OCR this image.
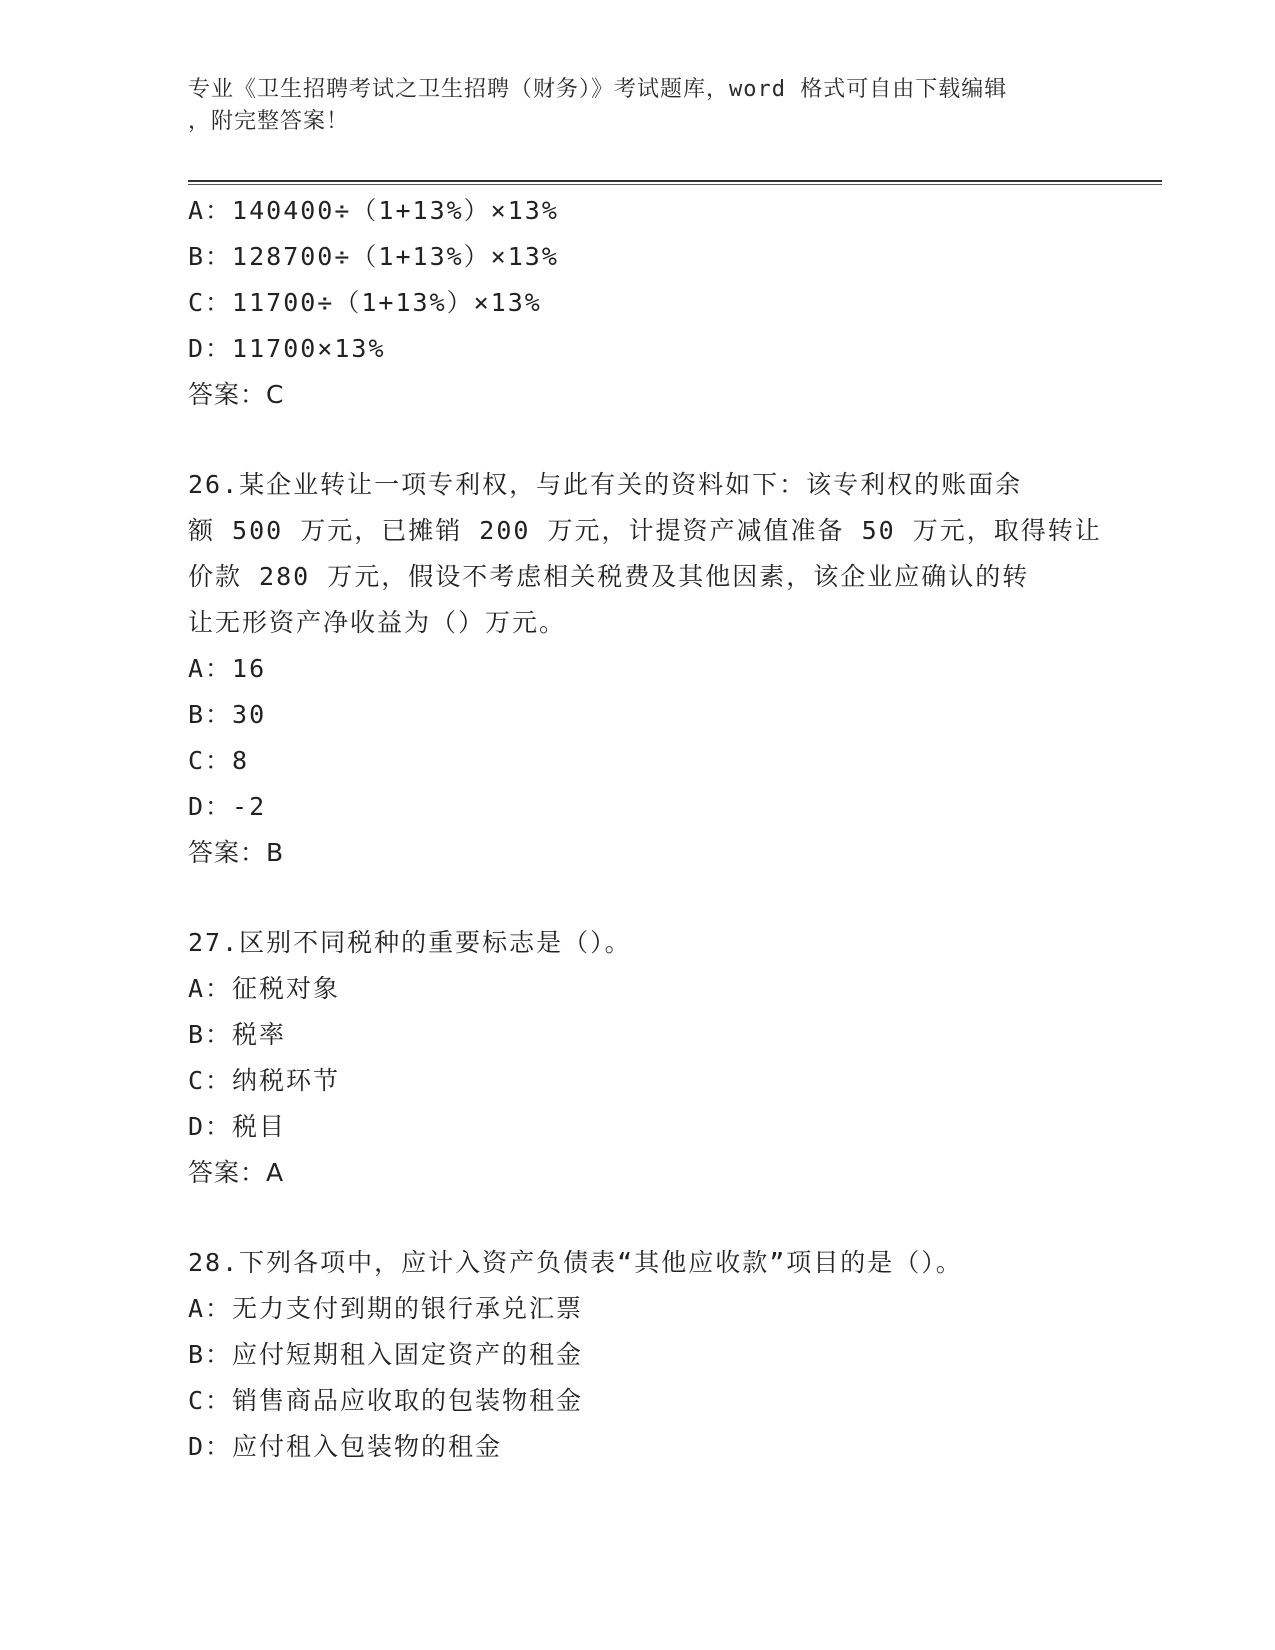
专业《卫生招聘考试之卫生招聘（财务）》考试题库，word 格式可自由下载编辑
，附完整答案！
A：140400÷（1+13%）×13%
B：128700÷（1+13%）×13%
C：11700÷（1+13%）×13%
D：11700×13%
答案：C
26.某企业转让一项专利权，与此有关的资料如下：该专利权的账面余
额 500 万元，已摊销 200 万元，计提资产减值准备 50 万元，取得转让
价款 280 万元，假设不考虑相关税费及其他因素，该企业应确认的转
让无形资产净收益为（）万元。
A：16
B：30
C：8
D：-2
答案：B
27.区别不同税种的重要标志是（）。
A：征税对象
B：税率
C：纳税环节
D：税目
答案：A
28.下列各项中，应计入资产负债表“其他应收款”项目的是（）。
A：无力支付到期的银行承兑汇票
B：应付短期租入固定资产的租金
C：销售商品应收取的包装物租金
D：应付租入包装物的租金
